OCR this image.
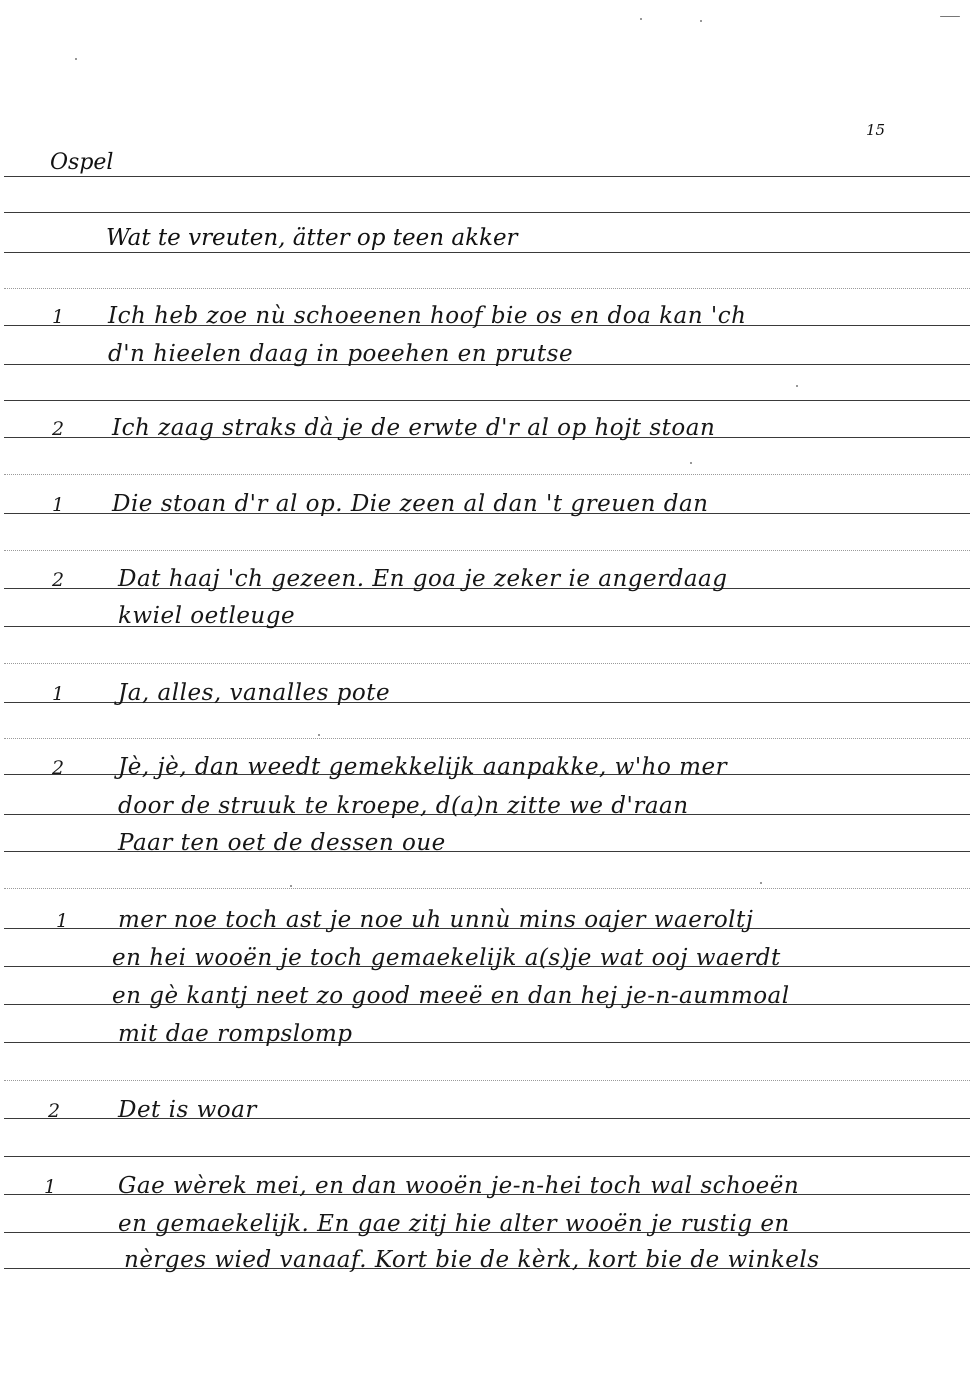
15
Ospel
Wat te vreuten, ätter op teen akker
1 Ich heb zoe nù schoeenen hoof bie os en doa kan 'ch
d'n hieelen daag in poeehen en prutse
2 Ich zaag straks dà je de erwte d'r al op hojt stoan
1 Die stoan d'r al op. Die zeen al dan 't greuen dan
2 Dat haaj 'ch gezeen. En goa je zeker ie angerdaag
kwiel oetleuge
1 Ja, alles, vanalles pote
2 Jè, jè, dan weedt gemekkelijk aanpakke, w'ho mer
door de struuk te kroepe, d(a)n zitte we d'raan
Paar ten oet de dessen oue
1 mer noe toch ast je noe uh unnù mins oajer waeroltj
en hei wooën je toch gemaekelijk a(s)je wat ooj waerdt
en gè kantj neet zo good meeë en dan hej je-n-aummoal
mit dae rompslomp
2	Det is woar
1	Gae wèrek mei, en dan wooën je-n-hei toch wal schoeën
en gemaekelijk. En gae zitj hie alter wooën je rustig en
nèrges wied vanaaf. Kort bie de kèrk, kort bie de winkels
